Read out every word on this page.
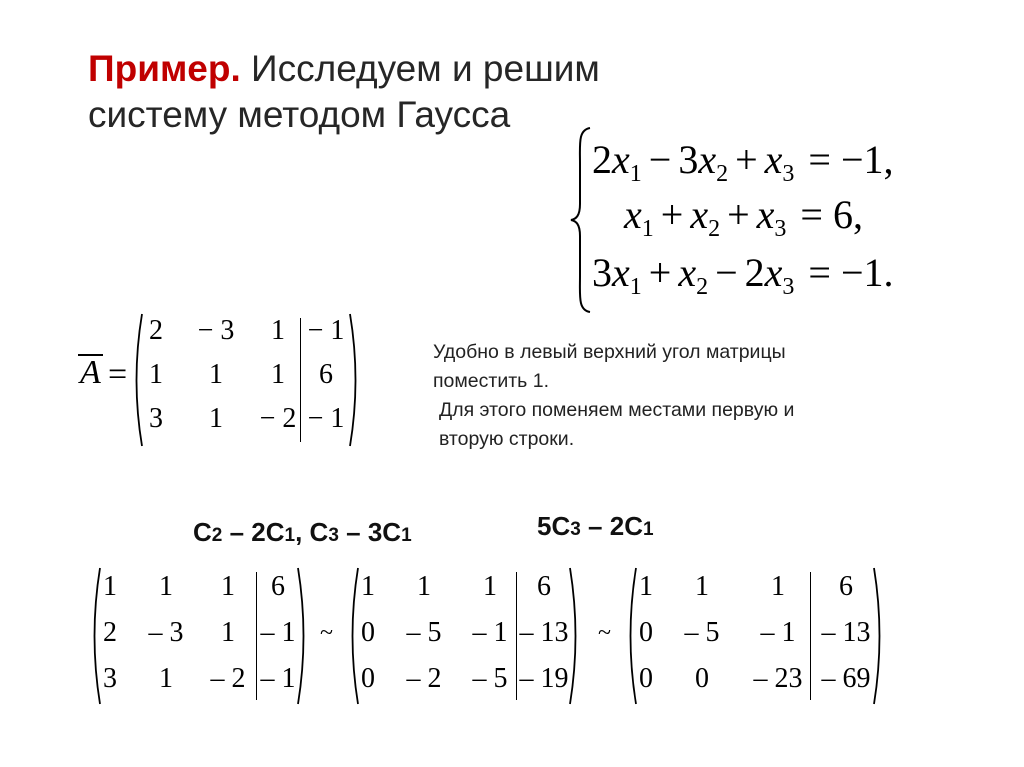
Пример. Исследуем и решим систему методом Гаусса
$2x_1 - 3x_2 + x_3 = -1$,
$x_1 + x_2 + x_3 = 6$,
$3x_1 + x_2 - 2x_3 = -1$.
A =
2 − 3 1 − 1
1 1 1 6
3 1 − 2 − 1

Удобно в левый верхний угол матрицы поместить 1.

Для этого поменяем местами первую и вторую строки.

C2 – 2C1, C3 – 3C1	5C3 – 2C1
1 1 1 6
2 – 3 1 – 1
3 1 – 2 – 1
~
1 1 1 6
0 – 5 – 1 – 13
0 – 2 – 5 – 19
~
1 1 1 6
0 – 5 – 1 – 13
0 0 – 23 – 69
